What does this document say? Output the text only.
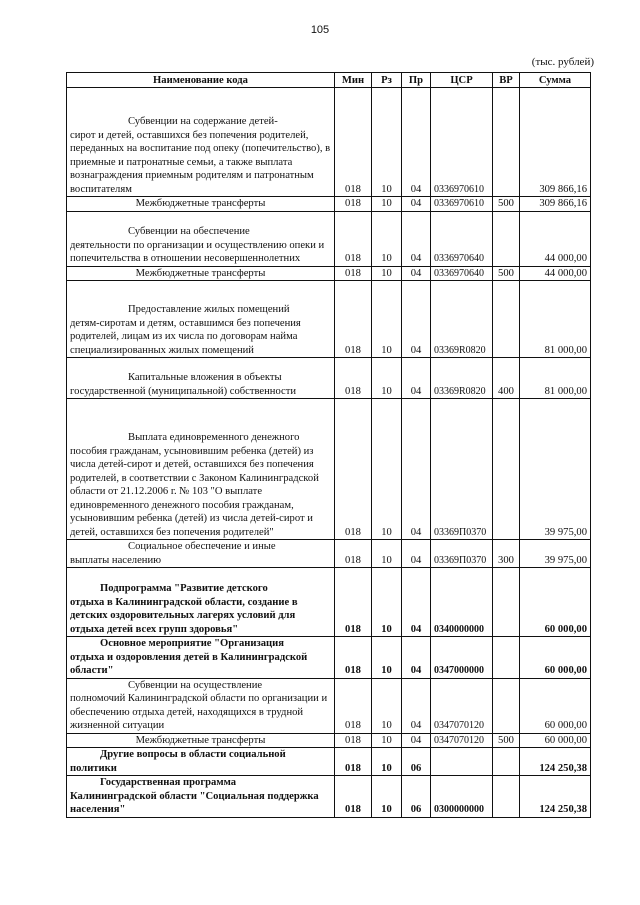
105
(тыс. рублей)
Наименование кода	Мин	Рз	Пр	ЦСР	ВР	Сумма
Субвенции на содержание детей-
сирот и детей, оставшихся без попечения родителей, переданных на воспитание под опеку (попечительство), в приемные и патронатные семьи, а также выплата вознаграждения приемным родителям и патронатным воспитателям	018	10	04	0336970610		309 866,16
Межбюджетные трансферты	018	10	04	0336970610	500	309 866,16
Субвенции на обеспечение
деятельности по организации и осуществлению опеки и попечительства в отношении несовершеннолетних	018	10	04	0336970640		44 000,00
Межбюджетные трансферты	018	10	04	0336970640	500	44 000,00
Предоставление жилых помещений
детям-сиротам и детям, оставшимся без попечения родителей, лицам из их числа по договорам найма специализированных жилых помещений	018	10	04	03369R0820		81 000,00
Капитальные вложения в объекты
государственной (муниципальной) собственности	018	10	04	03369R0820	400	81 000,00
Выплата единовременного денежного
пособия гражданам, усыновившим ребенка (детей) из числа детей-сирот и детей, оставшихся без попечения родителей, в соответствии с Законом Калининградской области от 21.12.2006 г. № 103 "О выплате единовременного денежного пособия гражданам, усыновившим ребенка (детей) из числа детей-сирот и детей, оставшихся без попечения родителей"	018	10	04	03369П0370		39 975,00
Социальное обеспечение и иные
выплаты населению	018	10	04	03369П0370	300	39 975,00
Подпрограмма "Развитие детского
отдыха в Калининградской области, создание в детских оздоровительных лагерях условий для отдыха детей всех групп здоровья"	018	10	04	0340000000		60 000,00
Основное мероприятие "Организация
отдыха и оздоровления детей в Калининградской области"	018	10	04	0347000000		60 000,00
Субвенции на осуществление
полномочий Калининградской области по организации и обеспечению отдыха детей, находящихся в трудной жизненной ситуации	018	10	04	0347070120		60 000,00
Межбюджетные трансферты	018	10	04	0347070120	500	60 000,00
Другие вопросы в области социальной
политики	018	10	06			124 250,38
Государственная программа
Калининградской области "Социальная поддержка населения"	018	10	06	0300000000		124 250,38
